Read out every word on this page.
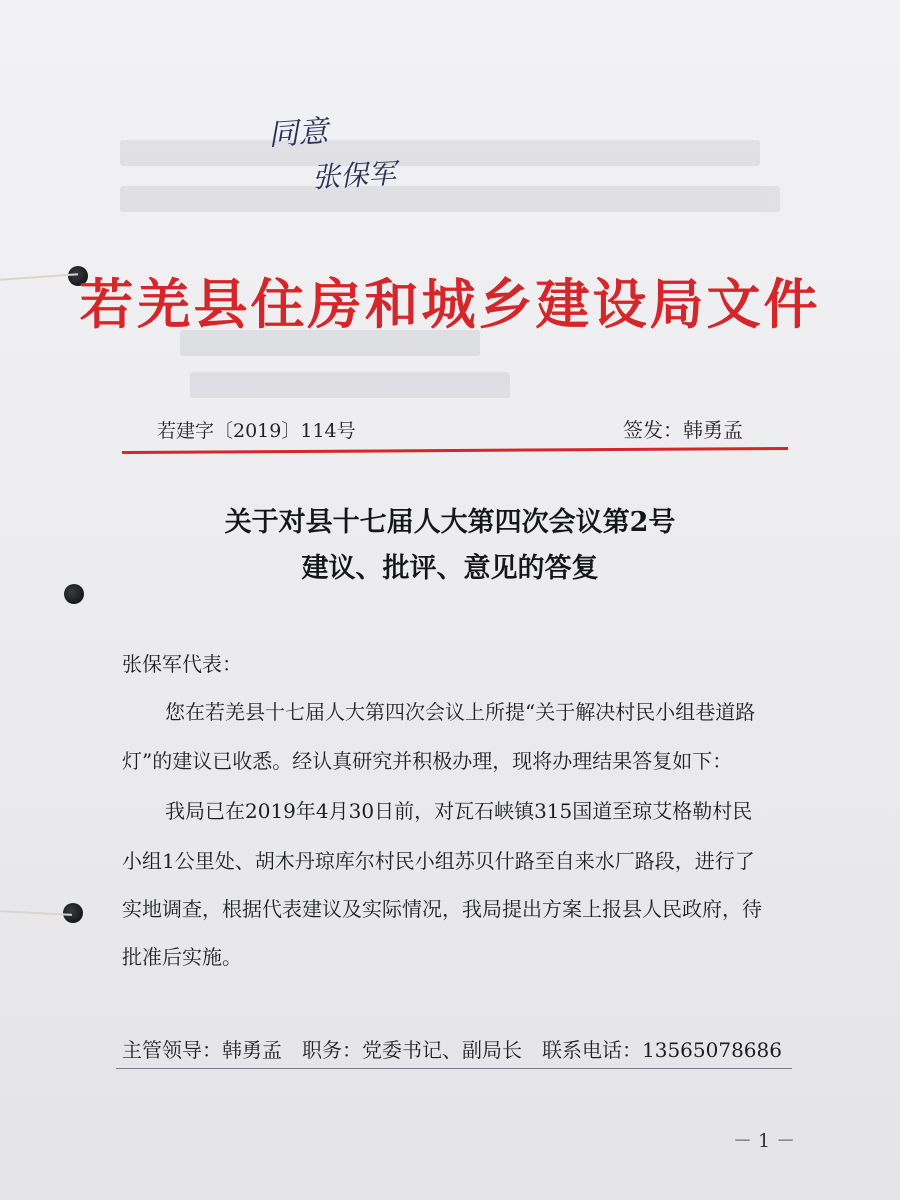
同意
张保军
若羌县住房和城乡建设局文件
若建字〔2019〕114号	签发：韩勇孟
关于对县十七届人大第四次会议第2号
建议、批评、意见的答复
张保军代表：
您在若羌县十七届人大第四次会议上所提“关于解决村民小组巷道路
灯”的建议已收悉。经认真研究并积极办理，现将办理结果答复如下：
我局已在2019年4月30日前，对瓦石峡镇315国道至琼艾格勒村民
小组1公里处、胡木丹琼库尔村民小组苏贝什路至自来水厂路段，进行了
实地调查，根据代表建议及实际情况，我局提出方案上报县人民政府，待
批准后实施。
主管领导：韩勇孟　职务：党委书记、副局长　联系电话：13565078686
－ 1 －
